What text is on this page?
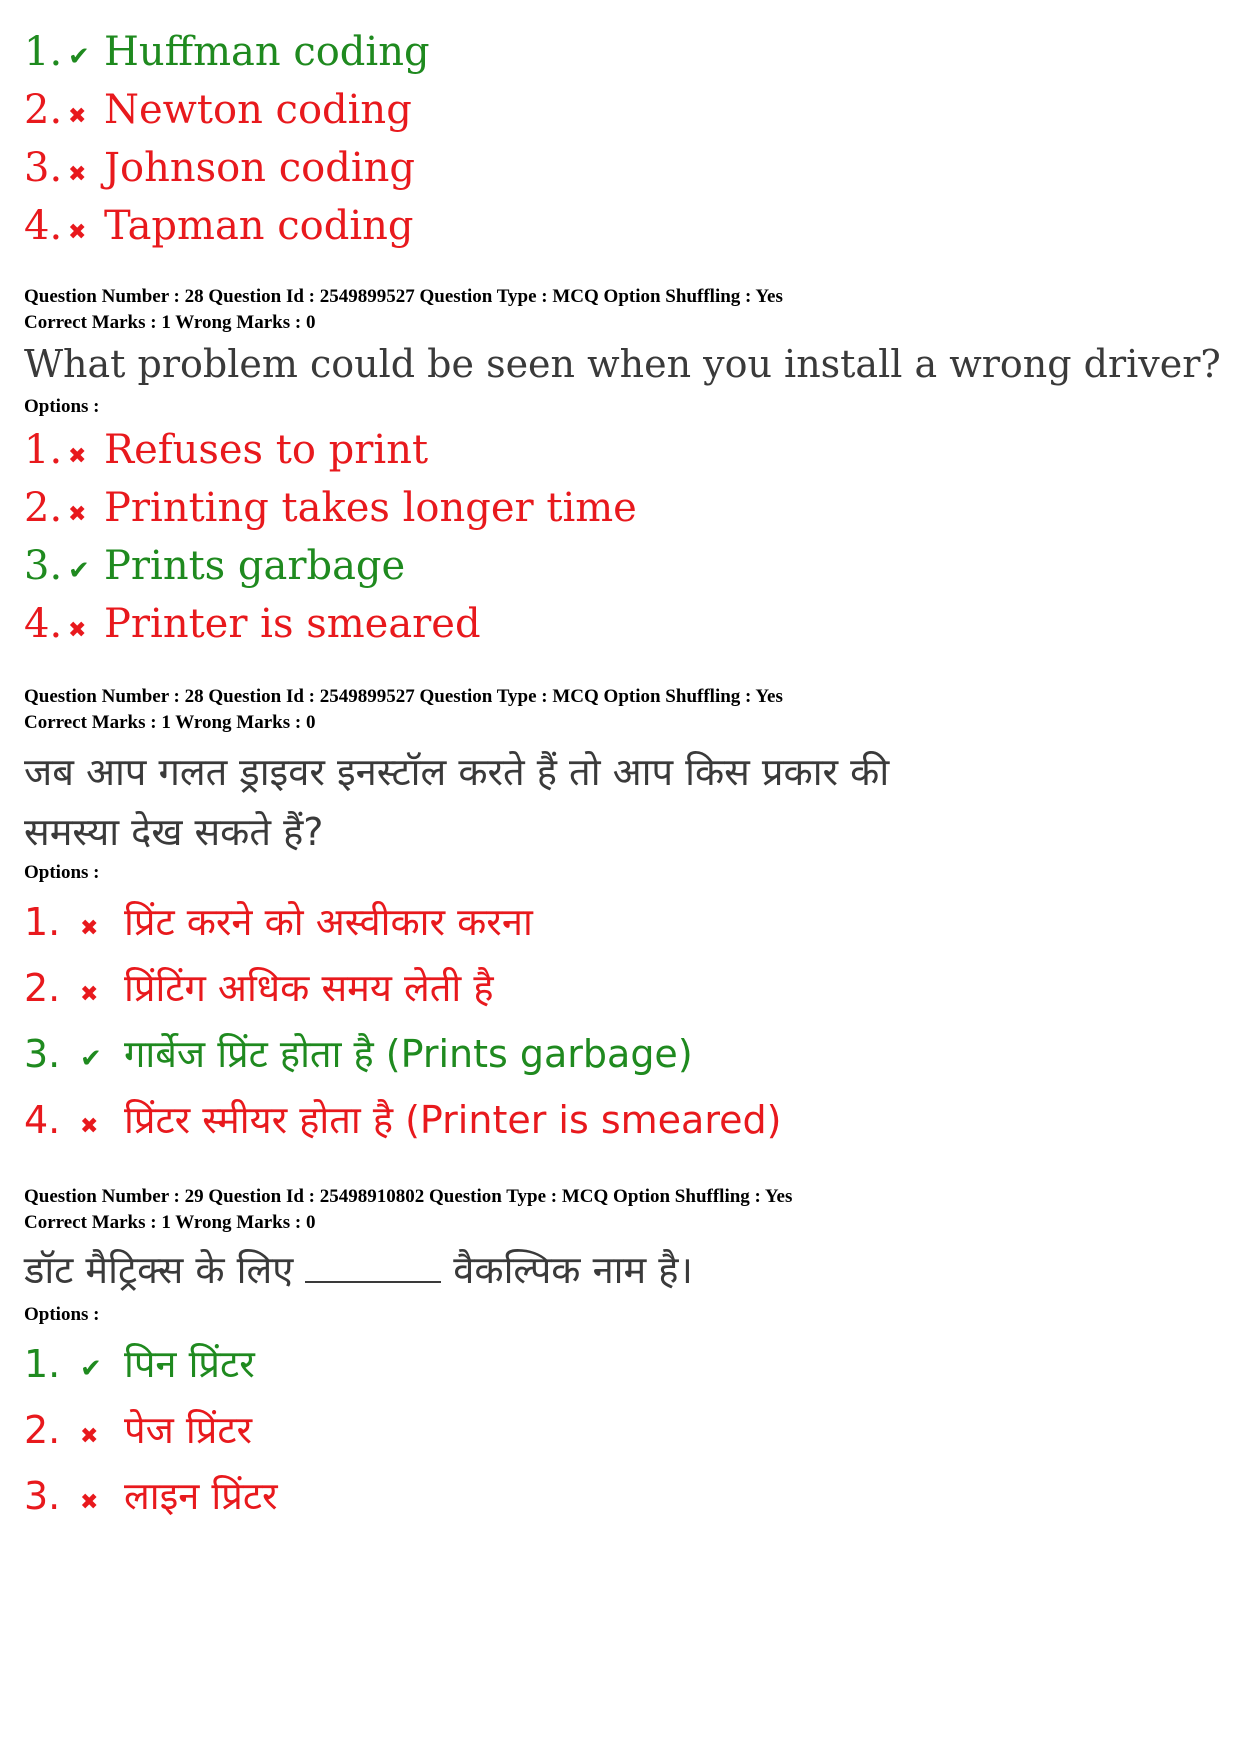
1. ✔ Huffman coding
2. ✖ Newton coding
3. ✖ Johnson coding
4. ✖ Tapman coding
Question Number : 28 Question Id : 2549899527 Question Type : MCQ Option Shuffling : Yes
Correct Marks : 1 Wrong Marks : 0
What problem could be seen when you install a wrong driver?
Options :
1. ✖ Refuses to print
2. ✖ Printing takes longer time
3. ✔ Prints garbage
4. ✖ Printer is smeared
Question Number : 28 Question Id : 2549899527 Question Type : MCQ Option Shuffling : Yes
Correct Marks : 1 Wrong Marks : 0
जब आप गलत ड्राइवर इनस्टॉल करते हैं तो आप किस प्रकार की
समस्या देख सकते हैं?
Options :
1. ✖ प्रिंट करने को अस्वीकार करना
2. ✖ प्रिंटिंग अधिक समय लेती है
3. ✔ गार्बेज प्रिंट होता है (Prints garbage)
4. ✖ प्रिंटर स्मीयर होता है (Printer is smeared)
Question Number : 29 Question Id : 25498910802 Question Type : MCQ Option Shuffling : Yes
Correct Marks : 1 Wrong Marks : 0
डॉट मैट्रिक्स के लिए	वैकल्पिक नाम है।
Options :
1. ✔ पिन प्रिंटर
2. ✖ पेज प्रिंटर
3. ✖ लाइन प्रिंटर
